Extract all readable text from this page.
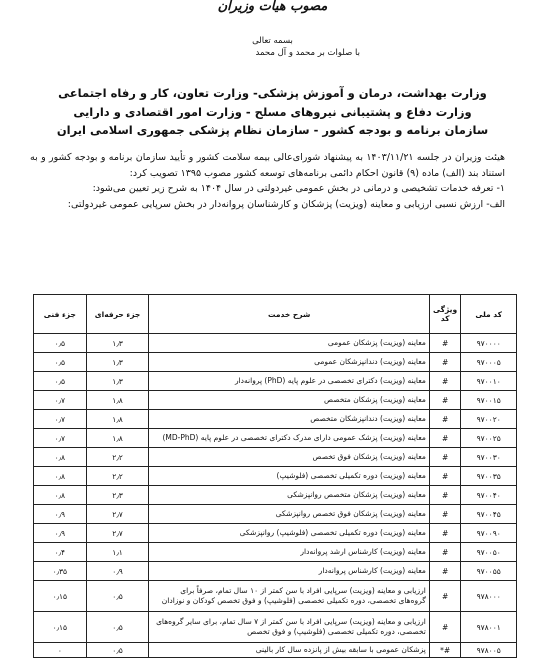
مصوب هیأت وزیران
بسمه تعالی
با صلوات بر محمد و آل محمد
وزارت بهداشت، درمان و آموزش پزشکی- وزارت تعاون، کار و رفاه اجتماعی
وزارت دفاع و پشتیبانی نیروهای مسلح - وزارت امور اقتصادی و دارایی
سازمان برنامه و بودجه کشور - سازمان نظام پزشکی جمهوری اسلامی ایران

هیئت وزیران در جلسه ۱۴۰۳/۱۱/۲۱ به پیشنهاد شورای‌عالی بیمه سلامت کشور و تأیید سازمان برنامه و بودجه کشور و به استناد بند (الف) ماده (۹) قانون احکام دائمی برنامه‌های توسعه کشور مصوب ۱۳۹۵ تصویب کرد:

۱- تعرفه خدمات تشخیصی و درمانی در بخش عمومی غیردولتی در سال ۱۴۰۴ به شرح زیر تعیین می‌شود:

الف- ارزش نسبی ارزیابی و معاینه (ویزیت) پزشکان و کارشناسان پروانه‌دار در بخش سرپایی عمومی غیردولتی:

کد ملی	ویژگی کد	شرح خدمت	جزء حرفه‌ای	جزء فنی
۹۷۰۰۰۰	#	معاینه (ویزیت) پزشکان عمومی	۱٫۳	۰٫۵
۹۷۰۰۰۵	#	معاینه (ویزیت) دندانپزشکان عمومی	۱٫۳	۰٫۵
۹۷۰۰۱۰	#	معاینه (ویزیت) دکترای تخصصی در علوم پایه (PhD) پروانه‌دار	۱٫۳	۰٫۵
۹۷۰۰۱۵	#	معاینه (ویزیت) پزشکان متخصص	۱٫۸	۰٫۷
۹۷۰۰۲۰	#	معاینه (ویزیت) دندانپزشکان متخصص	۱٫۸	۰٫۷
۹۷۰۰۲۵	#	معاینه (ویزیت) پزشک عمومی دارای مدرک دکترای تخصصی در علوم پایه (MD-PhD)	۱٫۸	۰٫۷
۹۷۰۰۳۰	#	معاینه (ویزیت) پزشکان فوق تخصص	۲٫۲	۰٫۸
۹۷۰۰۳۵	#	معاینه (ویزیت) دوره تکمیلی تخصصی (فلوشیپ)	۲٫۲	۰٫۸
۹۷۰۰۴۰	#	معاینه (ویزیت) پزشکان متخصص روانپزشکی	۲٫۳	۰٫۸
۹۷۰۰۴۵	#	معاینه (ویزیت) پزشکان فوق تخصص روانپزشکی	۲٫۷	۰٫۹
۹۷۰۰۹۰	#	معاینه (ویزیت) دوره تکمیلی تخصصی (فلوشیپ) روانپزشکی	۲٫۷	۰٫۹
۹۷۰۰۵۰	#	معاینه (ویزیت) کارشناس ارشد پروانه‌دار	۱٫۱	۰٫۴
۹۷۰۰۵۵	#	معاینه (ویزیت) کارشناس پروانه‌دار	۰٫۹	۰٫۳۵
۹۷۸۰۰۰	#	ارزیابی و معاینه (ویزیت) سرپایی افراد با سن کمتر از ۱۰ سال تمام، صرفاً برای گروه‌های تخصصی، دوره تکمیلی تخصصی (فلوشیپ) و فوق تخصص کودکان و نوزادان	۰٫۵	۰٫۱۵
۹۷۸۰۰۱	#	ارزیابی و معاینه (ویزیت) سرپایی افراد با سن کمتر از ۷ سال تمام، برای سایر گروه‌های تخصصی، دوره تکمیلی تخصصی (فلوشیپ) و فوق تخصص	۰٫۵	۰٫۱۵
۹۷۸۰۰۵	#*	پزشکان عمومی با سابقه بیش از پانزده سال کار بالینی	۰٫۵	۰
